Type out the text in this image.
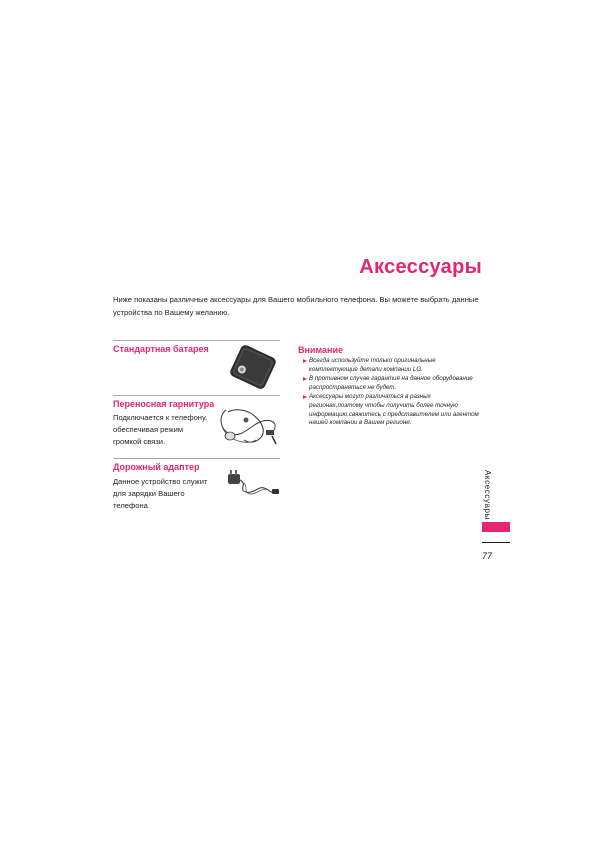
Аксессуары
Ниже показаны различные аксессуары для Вашего мобильного телефона. Вы можете выбрать данные устройства по Вашему желанию.
Стандартная батарея
Переносная гарнитура
Подключается к телефону, обеспечивая режим громкой связи.
Дорожный адаптер
Данное устройство служит для зарядки Вашего телефона.
Внимание
Всегда используйте только оригинальные комплектующие детали компании LG.
В противном случае гарантия на данное оборудование распространяться не будет.
Аксессуары могут различаться в разных регионах,поэтому чтобы получить более точную информацию,свяжитесь с представителем или агентом нашей компании в Вашем регионе.
Аксессуары
77
